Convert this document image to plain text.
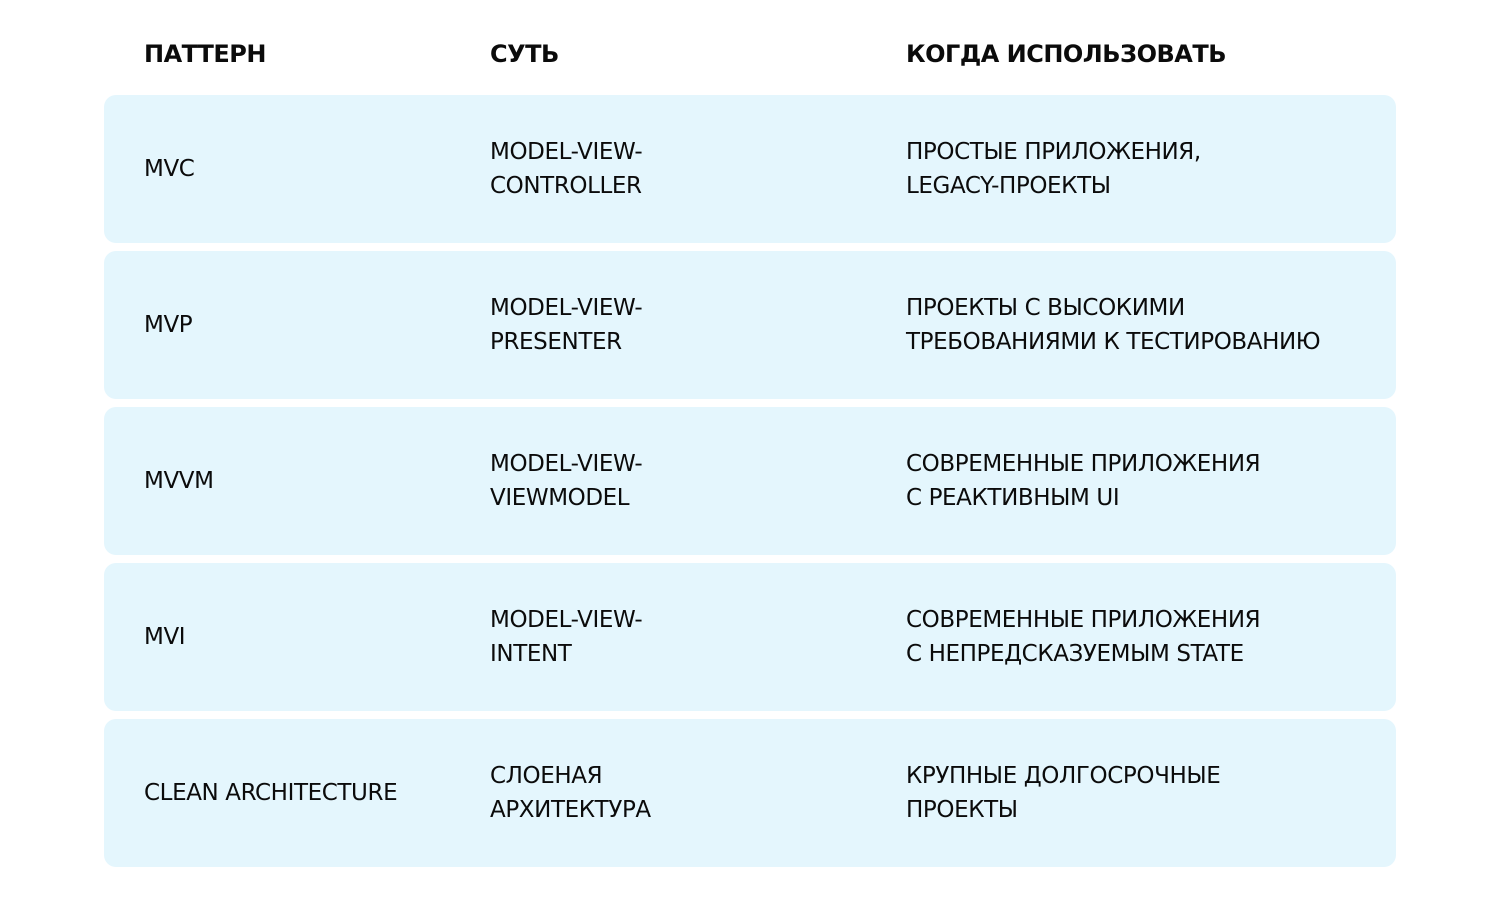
ПАТТЕРН	СУТЬ	КОГДА ИСПОЛЬЗОВАТЬ
MVC
MODEL-VIEW-
CONTROLLER
ПРОСТЫЕ ПРИЛОЖЕНИЯ,
LEGACY-ПРОЕКТЫ
MVP
MODEL-VIEW-
PRESENTER
ПРОЕКТЫ С ВЫСОКИМИ
ТРЕБОВАНИЯМИ К ТЕСТИРОВАНИЮ
MVVM
MODEL-VIEW-
VIEWMODEL
СОВРЕМЕННЫЕ ПРИЛОЖЕНИЯ
С РЕАКТИВНЫМ UI
MVI
MODEL-VIEW-
INTENT
СОВРЕМЕННЫЕ ПРИЛОЖЕНИЯ
С НЕПРЕДСКАЗУЕМЫМ STATE
CLEAN ARCHITECTURE
СЛОЕНАЯ
АРХИТЕКТУРА
КРУПНЫЕ ДОЛГОСРОЧНЫЕ
ПРОЕКТЫ
